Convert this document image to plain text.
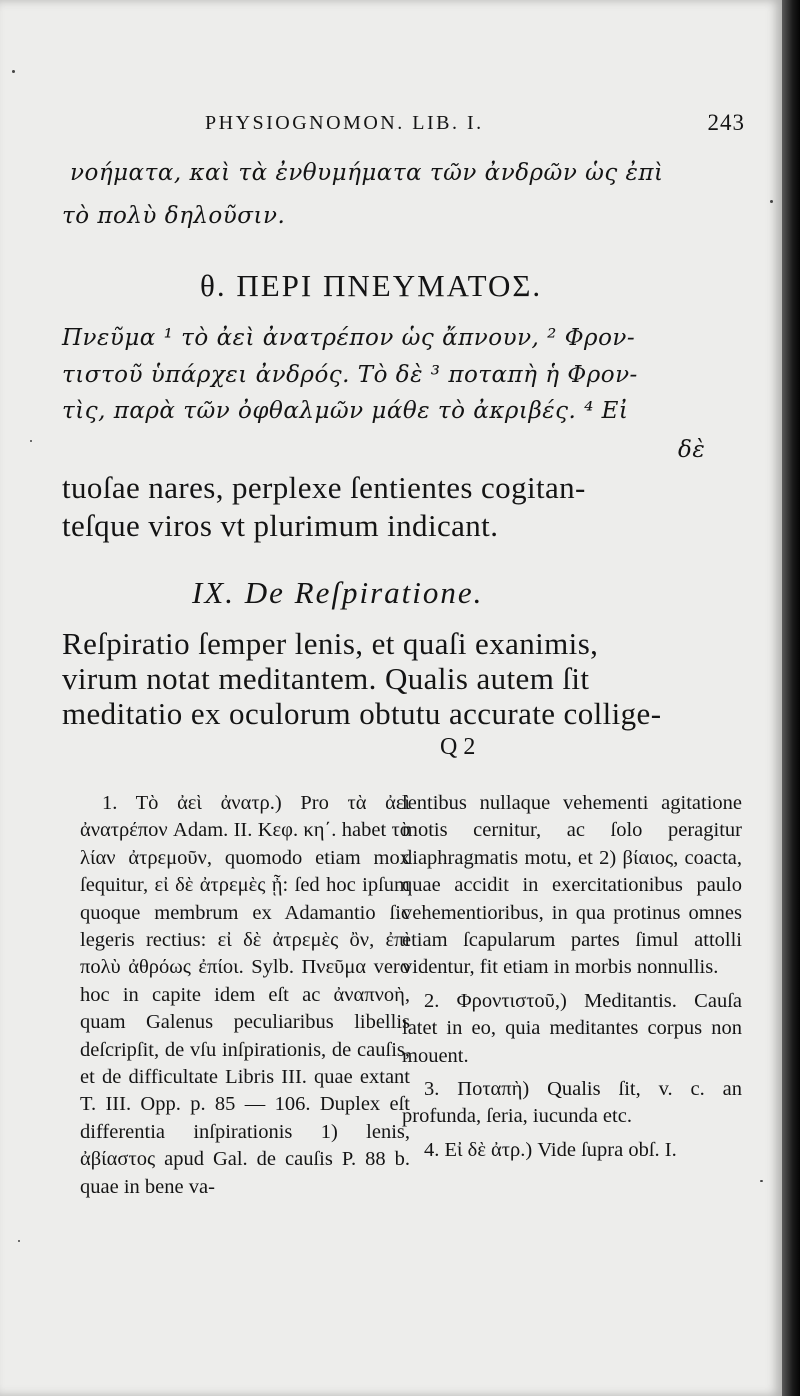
PHYSIOGNOMON. LIB. I.	243
νοήματα, καὶ τὰ ἐνθυμήματα τῶν ἀνδρῶν ὡς ἐπὶ
τὸ πολὺ δηλοῦσιν.
θ. ΠΕΡΙ ΠΝΕΥΜΑΤΟΣ.
Πνεῦμα ¹ τὸ ἀεὶ ἀνατρέπον ὡς ἄπνουν, ² Φρον-
τιστοῦ ὑπάρχει ἀνδρός. Τὸ δὲ ³ ποταπὴ ἡ Φρον-
τὶς, παρὰ τῶν ὀφθαλμῶν μάθε τὸ ἀκριβές. ⁴ Εἰ
δὲ
tuoſae nares, perplexe ſentientes cogitan-
teſque viros vt plurimum indicant.
IX. De Reſpiratione.
Reſpiratio ſemper lenis, et quaſi exanimis,
virum notat meditantem. Qualis autem ſit
meditatio ex oculorum obtutu accurate collige-
Q 2

1. Τὸ ἀεὶ ἀνατρ.) Pro τὰ ἀεὶ ἀνατρέπον Adam. II. Κεφ. κη΄. habet τὸ λίαν ἀτρεμοῦν, quomodo etiam mox ſequitur, εἰ δὲ ἀτρεμὲς ᾖ: ſed hoc ipſum quoque membrum ex Adamantio ſic legeris rectius: εἰ δὲ ἀτρεμὲς ὂν, ἐπὶ πολὺ ἀθρόως ἐπίοι. Sylb. Πνεῦμα vero hoc in capite idem eſt ac ἀναπνοὴ, quam Galenus peculiaribus libellis deſcripſit, de vſu inſpirationis, de cauſis, et de difficultate Libris III. quae extant T. III. Opp. p. 85 — 106. Duplex eſt differentia inſpirationis 1) lenis, ἀβίαστος apud Gal. de cauſis P. 88 b. quae in bene va-

lentibus nullaque vehementi agitatione motis cernitur, ac ſolo peragitur diaphragmatis motu, et 2) βίαιος, coacta, quae accidit in exercitationibus paulo vehementioribus, in qua protinus omnes etiam ſcapularum partes ſimul attolli videntur, fit etiam in morbis nonnullis.

2. Φροντιστοῦ,) Meditantis. Cauſa latet in eo, quia meditantes corpus non mouent.

3. Ποταπὴ) Qualis ſit, v. c. an profunda, ſeria, iucunda etc.

4. Εἰ δὲ ἀτρ.) Vide ſupra obſ. I.
